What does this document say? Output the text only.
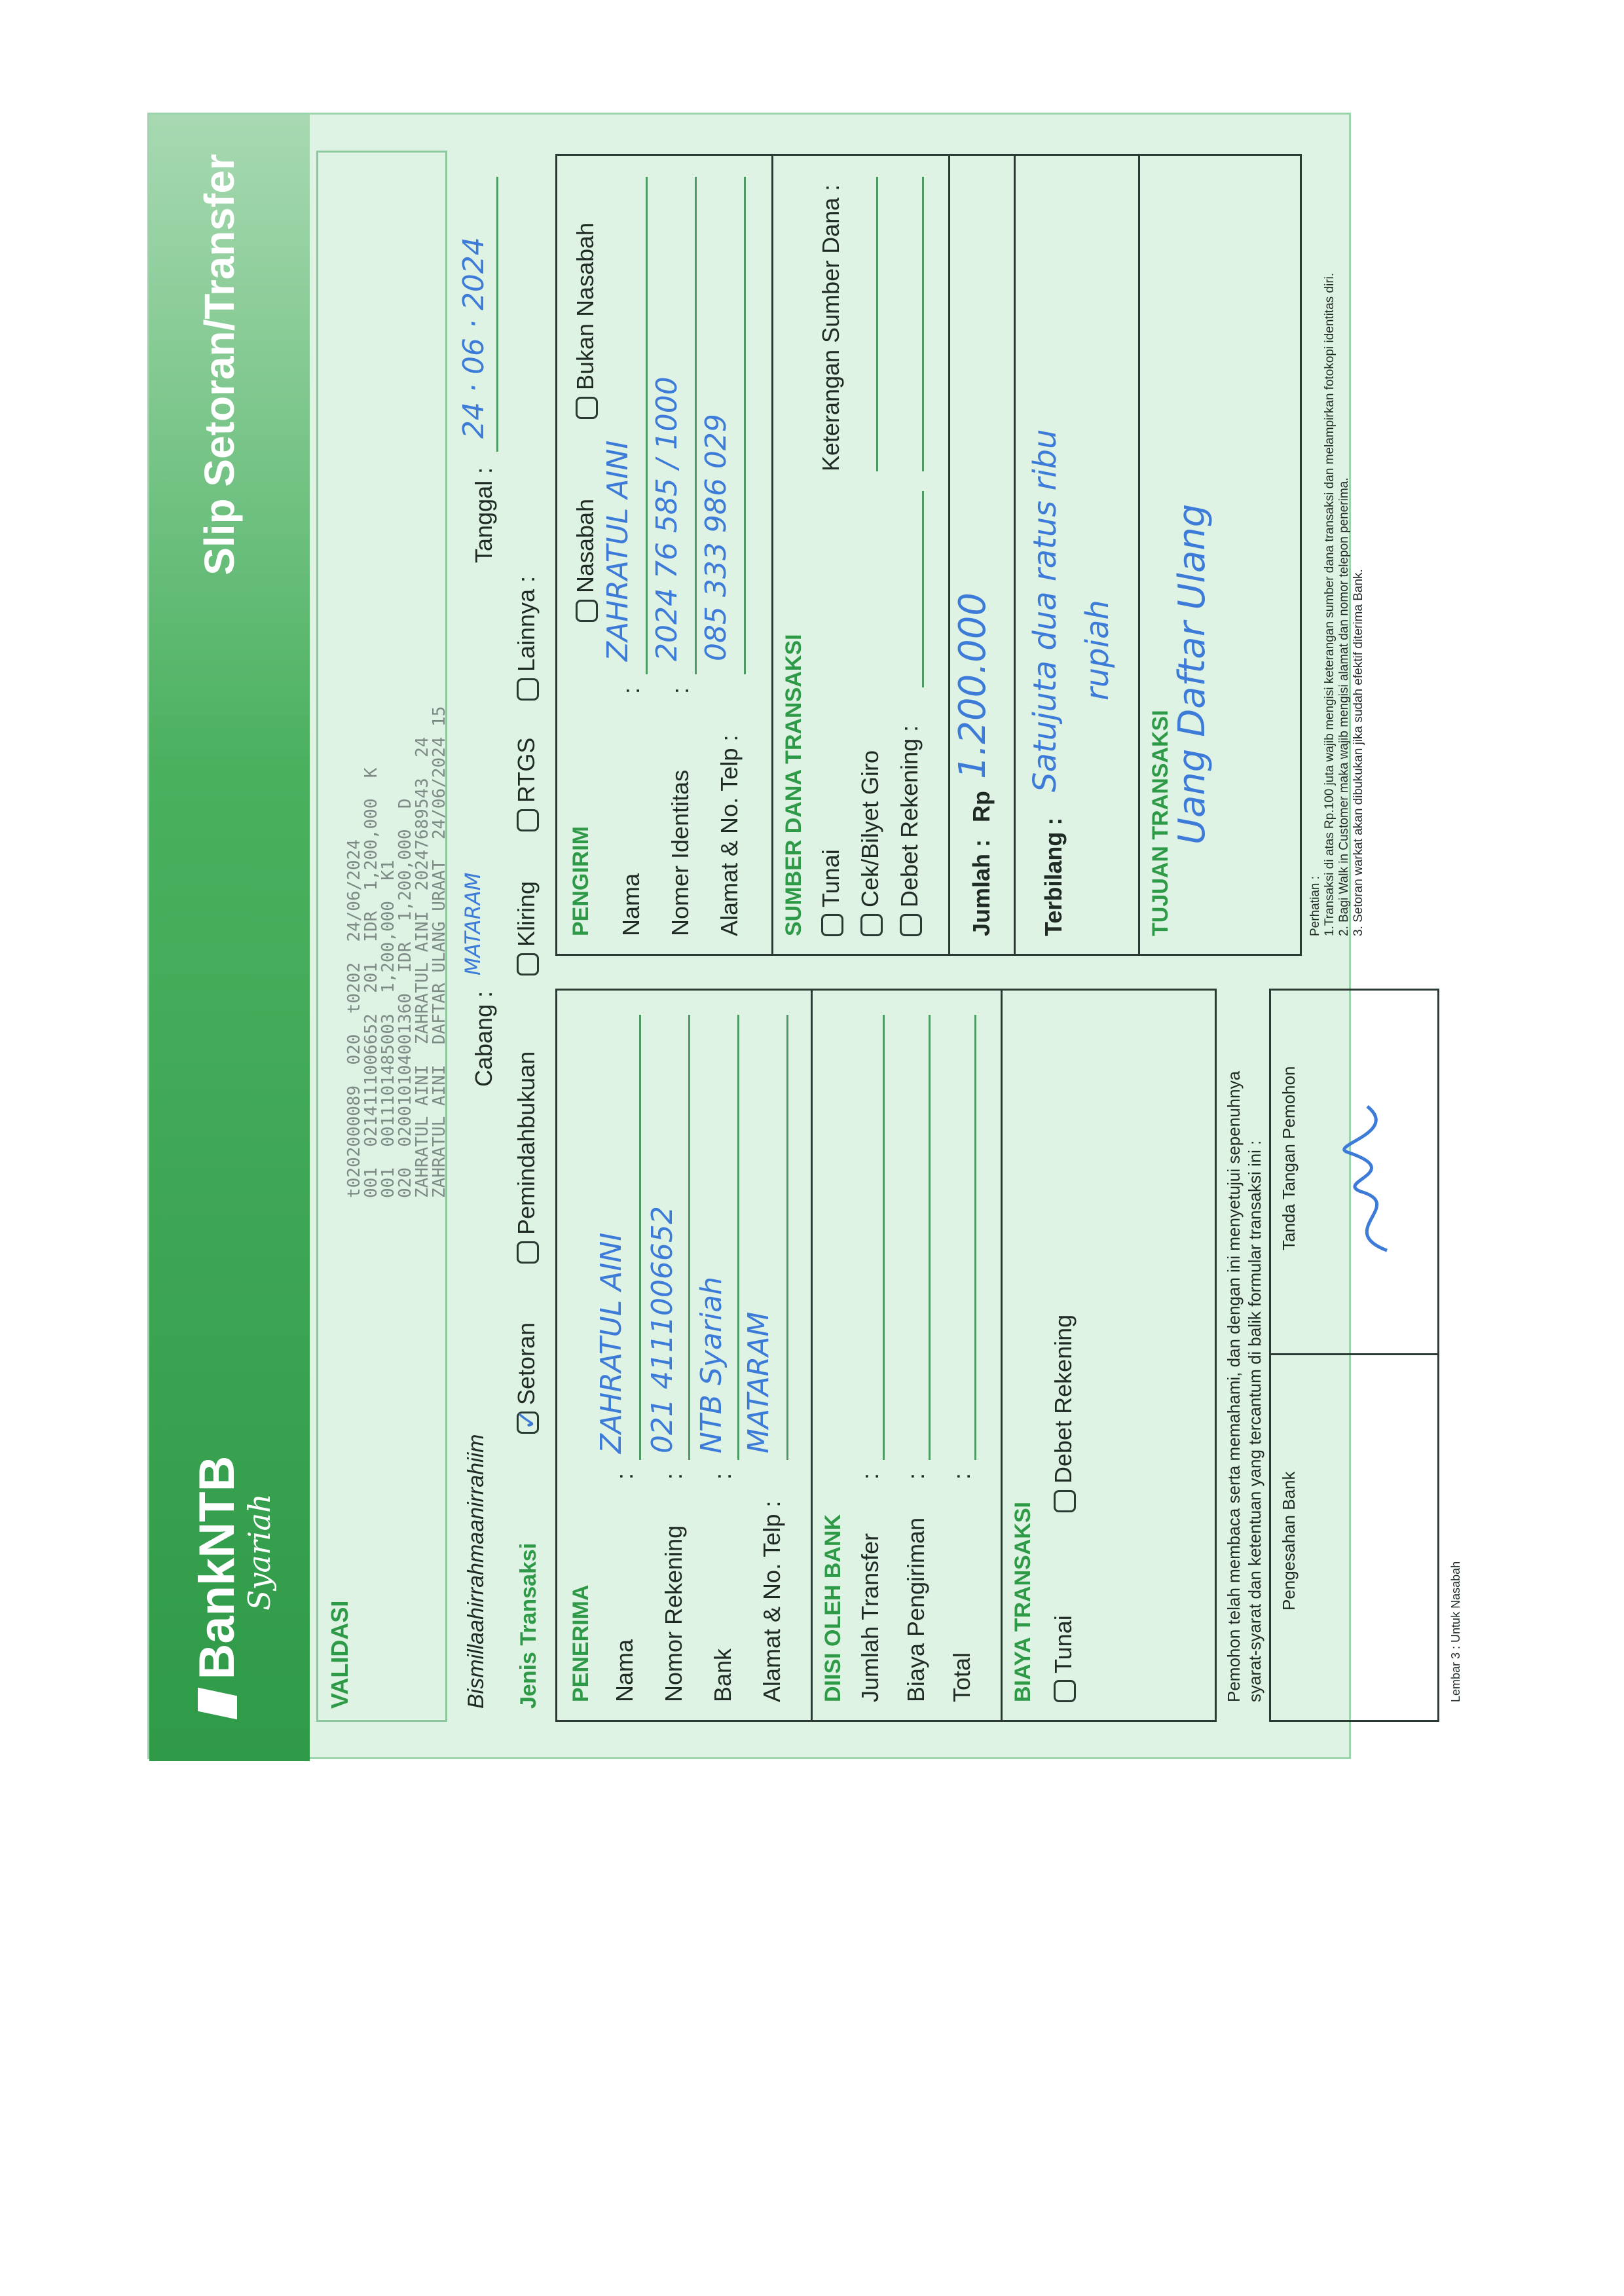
BankNTB
Syariah
Slip Setoran/Transfer
VALIDASI
t0202000089  020  t0202  24/06/2024
001  0214111006652  201  IDR  1,200,000  K
001  0011101485003  1,200,000  K1
020  020010104001360  IDR  1,200,000  D
ZAHRATUL AINI  ZAHRATUL AINI  20247689543  24
ZAHRATUL AINI  DAFTAR ULANG URAAT  24/06/2024 15
Bismillaahirrahmaanirrahiim
Cabang :
MATARAM
Tanggal :
24 · 06 · 2024
Jenis Transaksi
✓Setoran
Pemindahbukuan
Kliring
RTGS
Lainnya :
PENERIMA Nama
:
ZAHRATUL AINI
Nomor Rekening
:
021 4111006652
Bank
:
NTB Syariah
Alamat & No. Telp :
MATARAM
DIISI OLEH BANK Jumlah Transfer
:
Biaya Pengiriman
:
Total
:
BIAYA TRANSAKSI Tunai
Debet Rekening
PENGIRIM
Nasabah
Bukan Nasabah
Nama
:
ZAHRATUL AINI
Nomer Identitas
:
2024 76 585 / 1000
Alamat & No. Telp :
085 333 986 029
SUMBER DANA TRANSAKSI Tunai Cek/Bilyet Giro Debet Rekening :
Keterangan Sumber Dana :
Jumlah : Rp
1.200.000
Terbilang :
Satujuta dua ratus ribu rupiah
TUJUAN TRANSAKSI
Uang Daftar Ulang
Pemohon telah membaca serta memahami, dan dengan ini menyetujui sepenuhnya syarat-syarat dan ketentuan yang tercantum di balik formular transaksi ini : Pengesahan Bank
Tanda Tangan Pemohon
Perhatian : 1.Transaksi di atas Rp.100 juta wajib mengisi keterangan sumber dana transaksi dan melampirkan fotokopi identitas diri. 2. Bagi Walk in Customer maka wajib mengisi alamat dan nomor telepon penerima. 3. Setoran warkat akan dibukukan jika sudah efektif diterima Bank.
Lembar 3 : Untuk Nasabah
